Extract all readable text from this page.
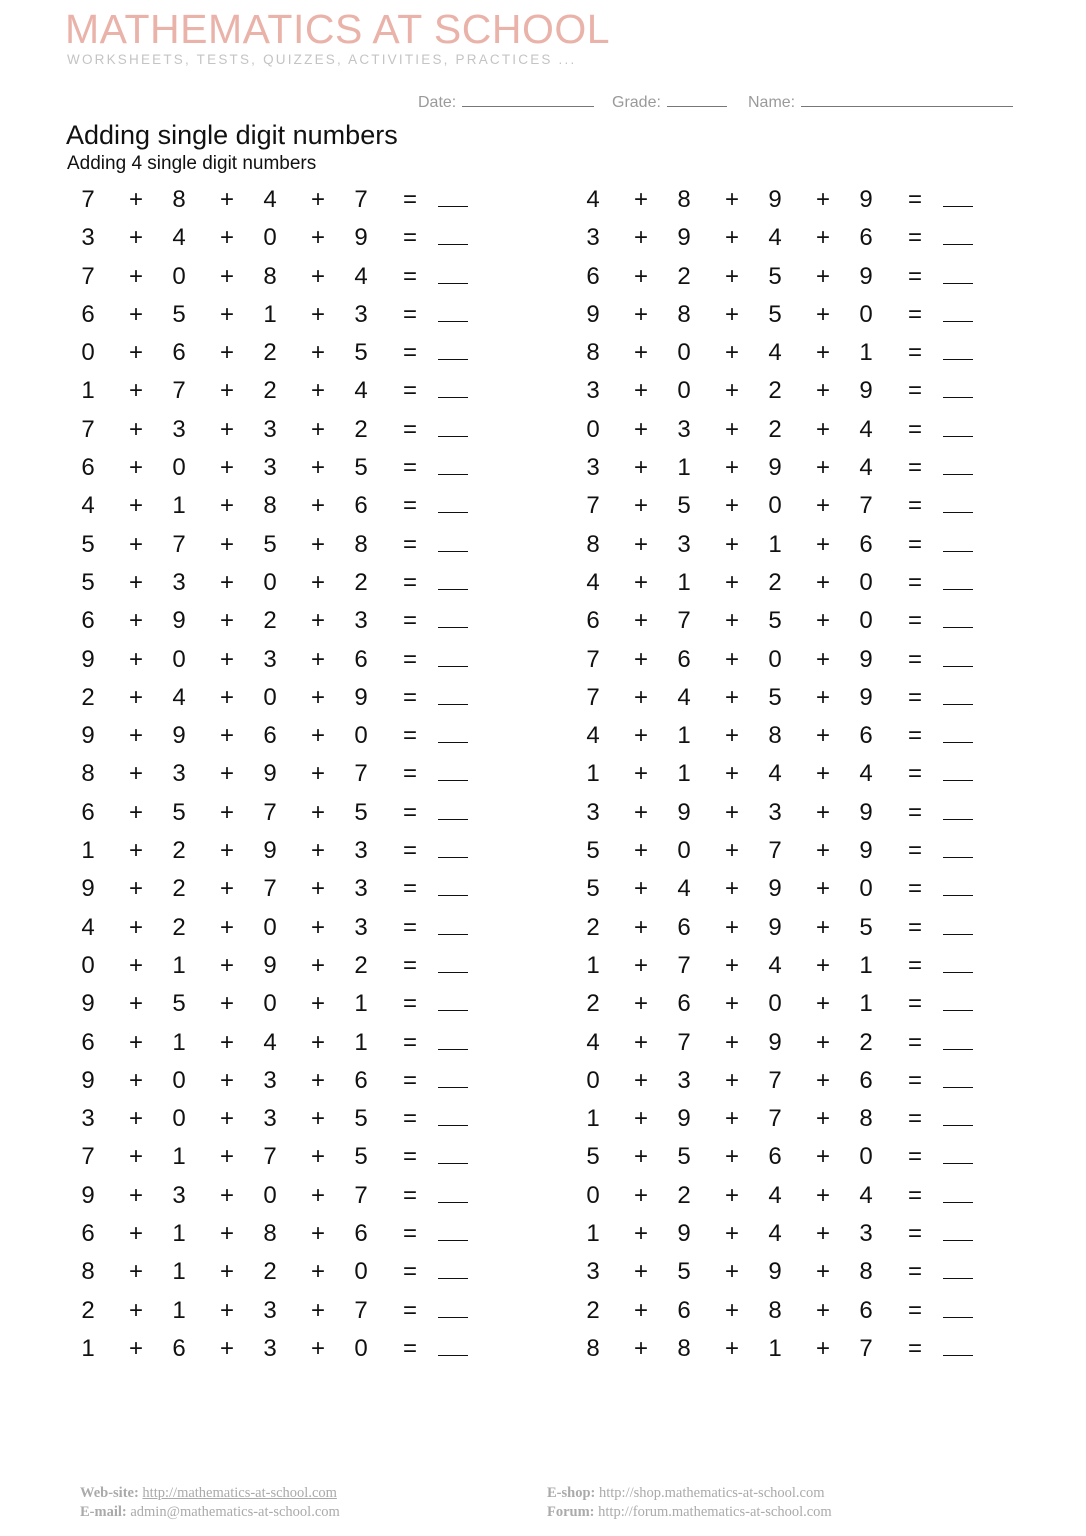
MATHEMATICS AT SCHOOL
WORKSHEETS, TESTS, QUIZZES, ACTIVITIES, PRACTICES ...
Date:	Grade:	Name:
Adding single digit numbers
Adding 4 single digit numbers
7 + 8 + 4 + 7 =
3 + 4 + 0 + 9 =
7 + 0 + 8 + 4 =
6 + 5 + 1 + 3 =
0 + 6 + 2 + 5 =
1 + 7 + 2 + 4 =
7 + 3 + 3 + 2 =
6 + 0 + 3 + 5 =
4 + 1 + 8 + 6 =
5 + 7 + 5 + 8 =
5 + 3 + 0 + 2 =
6 + 9 + 2 + 3 =
9 + 0 + 3 + 6 =
2 + 4 + 0 + 9 =
9 + 9 + 6 + 0 =
8 + 3 + 9 + 7 =
6 + 5 + 7 + 5 =
1 + 2 + 9 + 3 =
9 + 2 + 7 + 3 =
4 + 2 + 0 + 3 =
0 + 1 + 9 + 2 =
9 + 5 + 0 + 1 =
6 + 1 + 4 + 1 =
9 + 0 + 3 + 6 =
3 + 0 + 3 + 5 =
7 + 1 + 7 + 5 =
9 + 3 + 0 + 7 =
6 + 1 + 8 + 6 =
8 + 1 + 2 + 0 =
2 + 1 + 3 + 7 =
1 + 6 + 3 + 0 =
4 + 8 + 9 + 9 =
3 + 9 + 4 + 6 =
6 + 2 + 5 + 9 =
9 + 8 + 5 + 0 =
8 + 0 + 4 + 1 =
3 + 0 + 2 + 9 =
0 + 3 + 2 + 4 =
3 + 1 + 9 + 4 =
7 + 5 + 0 + 7 =
8 + 3 + 1 + 6 =
4 + 1 + 2 + 0 =
6 + 7 + 5 + 0 =
7 + 6 + 0 + 9 =
7 + 4 + 5 + 9 =
4 + 1 + 8 + 6 =
1 + 1 + 4 + 4 =
3 + 9 + 3 + 9 =
5 + 0 + 7 + 9 =
5 + 4 + 9 + 0 =
2 + 6 + 9 + 5 =
1 + 7 + 4 + 1 =
2 + 6 + 0 + 1 =
4 + 7 + 9 + 2 =
0 + 3 + 7 + 6 =
1 + 9 + 7 + 8 =
5 + 5 + 6 + 0 =
0 + 2 + 4 + 4 =
1 + 9 + 4 + 3 =
3 + 5 + 9 + 8 =
2 + 6 + 8 + 6 =
8 + 8 + 1 + 7 =
Web-site: http://mathematics-at-school.com
E-mail: admin@mathematics-at-school.com
E-shop: http://shop.mathematics-at-school.com
Forum: http://forum.mathematics-at-school.com
